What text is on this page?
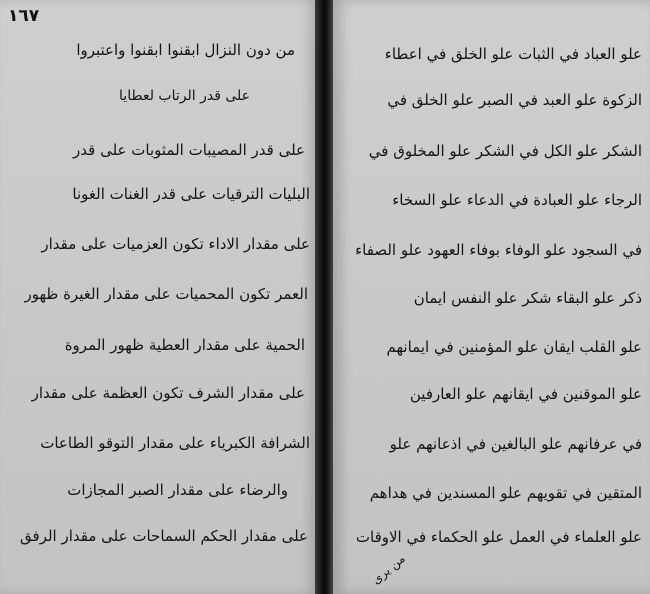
١٦٧
من دون النزال ابقنوا ابقنوا واعتبروا
على قدر الرتاب لعطايا
على قدر المصيبات المثوبات على قدر
البليات الترقيات على قدر الغنات الغونا
على مقدار الاداء تكون العزميات على مقدار
العمر تكون المحميات على مقدار الغيرة ظهور
الحمية على مقدار العطية ظهور المروة
على مقدار الشرف تكون العظمة على مقدار
الشرافة الكبرياء على مقدار التوقو الطاعات
والرضاء على مقدار الصبر المجازات
على مقدار الحكم السماحات على مقدار الرفق
علو العباد في الثبات علو الخلق في اعطاء
الزكوة علو العبد في الصبر علو الخلق في
الشكر علو الكل في الشكر علو المخلوق في
الرجاء علو العبادة في الدعاء علو السخاء
في السجود علو الوفاء بوفاء العهود علو الصفاء
ذكر علو البقاء شكر علو النفس ايمان
علو القلب ايقان علو المؤمنين في ايمانهم
علو الموقنين في ايقانهم علو العارفين
في عرفانهم علو البالغين في اذعانهم علو
المتقين في تقويهم علو المسندين في هداهم
علو العلماء في العمل علو الحكماء في الاوقات
من يرى
